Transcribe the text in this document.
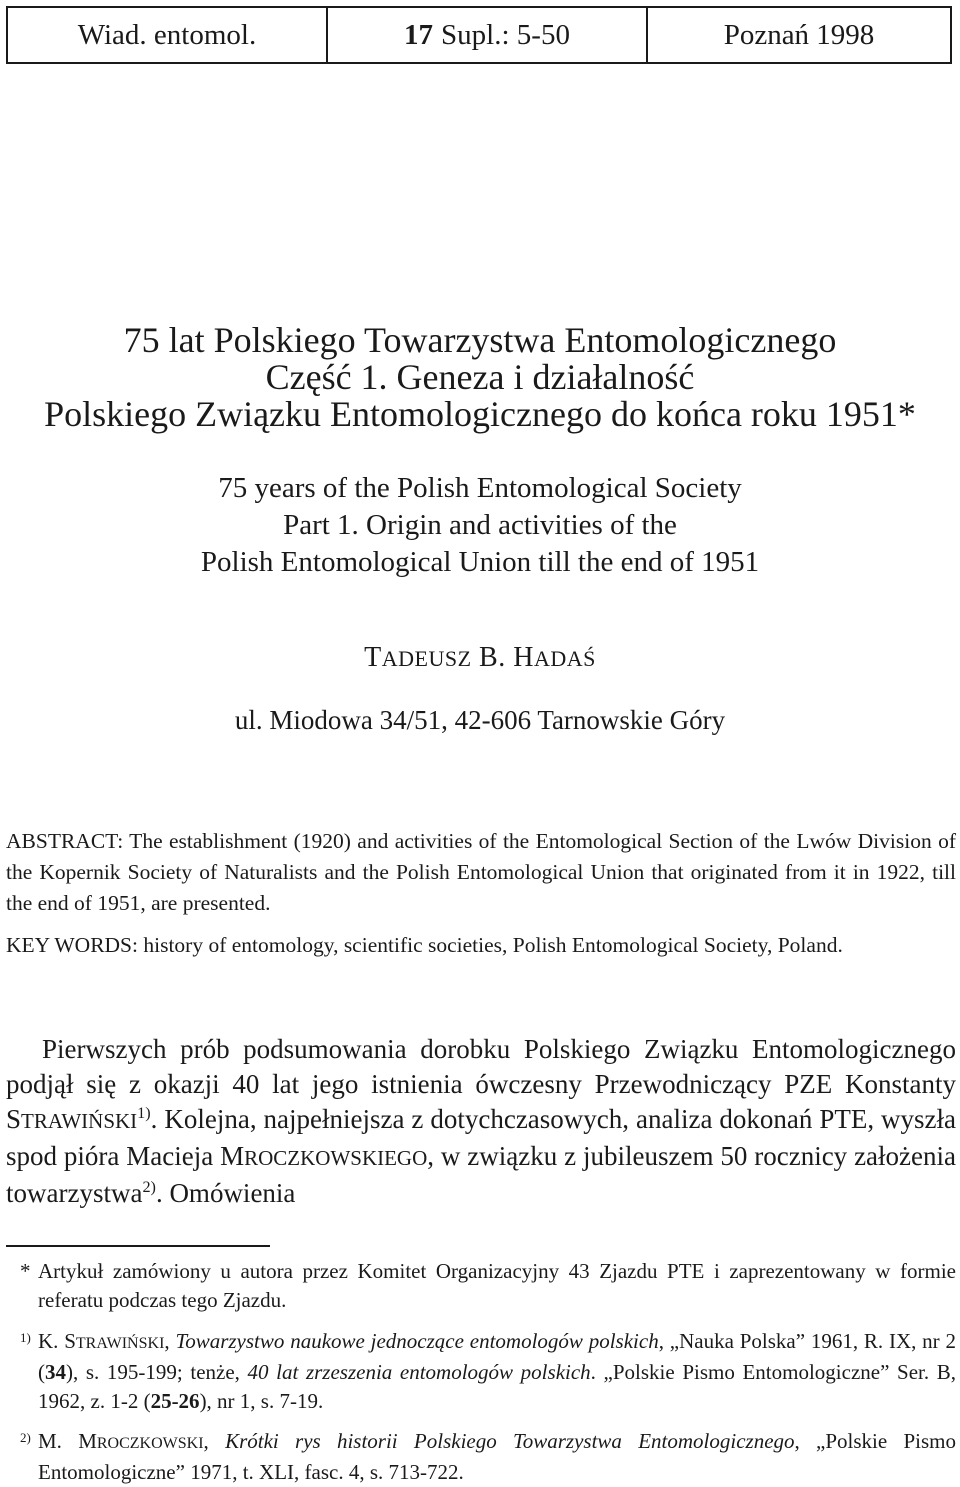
Wiad. entomol.	17 Supl.: 5-50	Poznań 1998
75 lat Polskiego Towarzystwa Entomologicznego
Część 1. Geneza i działalność
Polskiego Związku Entomologicznego do końca roku 1951*
75 years of the Polish Entomological Society
Part 1. Origin and activities of the
Polish Entomological Union till the end of 1951
TADEUSZ B. HADAŚ
ul. Miodowa 34/51, 42-606 Tarnowskie Góry

ABSTRACT: The establishment (1920) and activities of the Entomological Section of the Lwów Division of the Kopernik Society of Naturalists and the Polish Entomological Union that originated from it in 1922, till the end of 1951, are presented.

KEY WORDS: history of entomology, scientific societies, Polish Entomological Society, Poland.

Pierwszych prób podsumowania dorobku Polskiego Związku Entomologicznego podjął się z okazji 40 lat jego istnienia ówczesny Przewodniczący PZE Konstanty STRAWIŃSKI$^{1)}$. Kolejna, najpełniejsza z dotychczasowych, analiza dokonań PTE, wyszła spod pióra Macieja MROCZKOWSKIEGO, w związku z jubileuszem 50 rocznicy założenia towarzystwa$^{2)}$. Omówienia

* Artykuł zamówiony u autora przez Komitet Organizacyjny 43 Zjazdu PTE i zaprezentowany w formie referatu podczas tego Zjazdu.

1) K. STRAWIŃSKI, Towarzystwo naukowe jednoczące entomologów polskich, „Nauka Polska” 1961, R. IX, nr 2 (34), s. 195-199; tenże, 40 lat zrzeszenia entomologów polskich. „Polskie Pismo Entomologiczne” Ser. B, 1962, z. 1-2 (25-26), nr 1, s. 7-19.

2) M. MROCZKOWSKI, Krótki rys historii Polskiego Towarzystwa Entomologicznego, „Polskie Pismo Entomologiczne” 1971, t. XLI, fasc. 4, s. 713-722.
